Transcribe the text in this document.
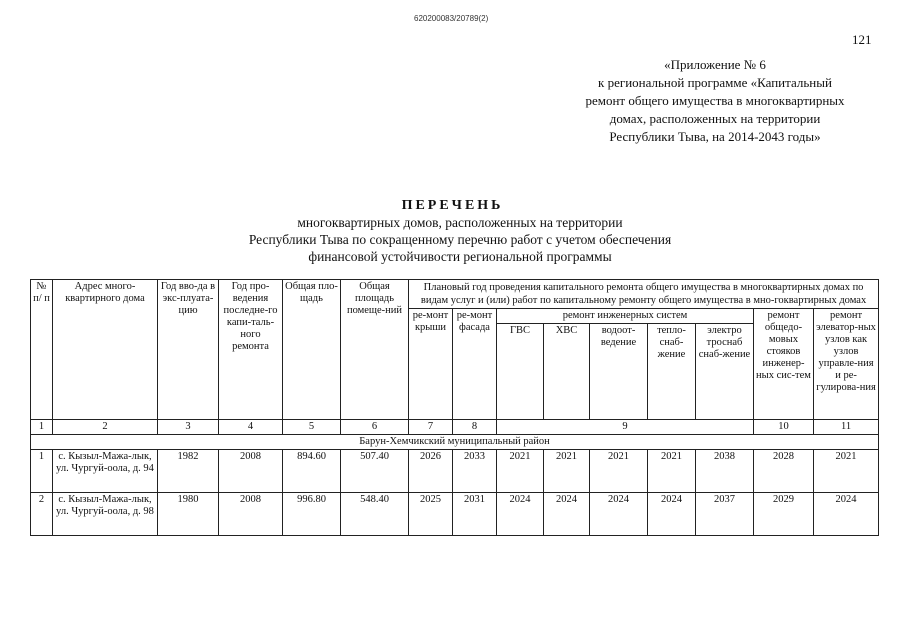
620200083/20789(2)
121
«Приложение № 6
к региональной программе «Капитальный
ремонт общего имущества в многоквартирных
домах, расположенных на территории
Республики Тыва, на 2014-2043 годы»
ПЕРЕЧЕНЬ
многоквартирных домов, расположенных на территории
Республики Тыва по сокращенному перечню работ с учетом обеспечения
финансовой устойчивости региональной программы
№ п/ п	Адрес много-квартирного дома	Год вво-да в экс-плуата-цию	Год про-ведения последне-го капи-таль-ного ремонта	Общая пло-щадь	Общая площадь помеще-ний	Плановый год проведения капитального ремонта общего имущества в многоквартирных домах по видам услуг и (или) работ по капитальному ремонту общего имущества в мно-гоквартирных домах								
						ре-монт крыши	ре-монт фасада	ремонт инженерных систем					ремонт общедо-мовых стояков инженер-ных сис-тем	ремонт элеватор-ных узлов как узлов управле-ния и ре-гулирова-ния
								ГВС	ХВС	водоот-ведение	тепло-снаб-жение	электро троснаб снаб-жение		
1	2	3	4	5	6	7	8	9					10	11
Барун-Хемчикский муниципальный район														
1	с. Кызыл-Мажа-лык, ул. Чургуй-оола, д. 94	1982	2008	894.60	507.40	2026	2033	2021	2021	2021	2021	2038	2028	2021
2	с. Кызыл-Мажа-лык, ул. Чургуй-оола, д. 98	1980	2008	996.80	548.40	2025	2031	2024	2024	2024	2024	2037	2029	2024
